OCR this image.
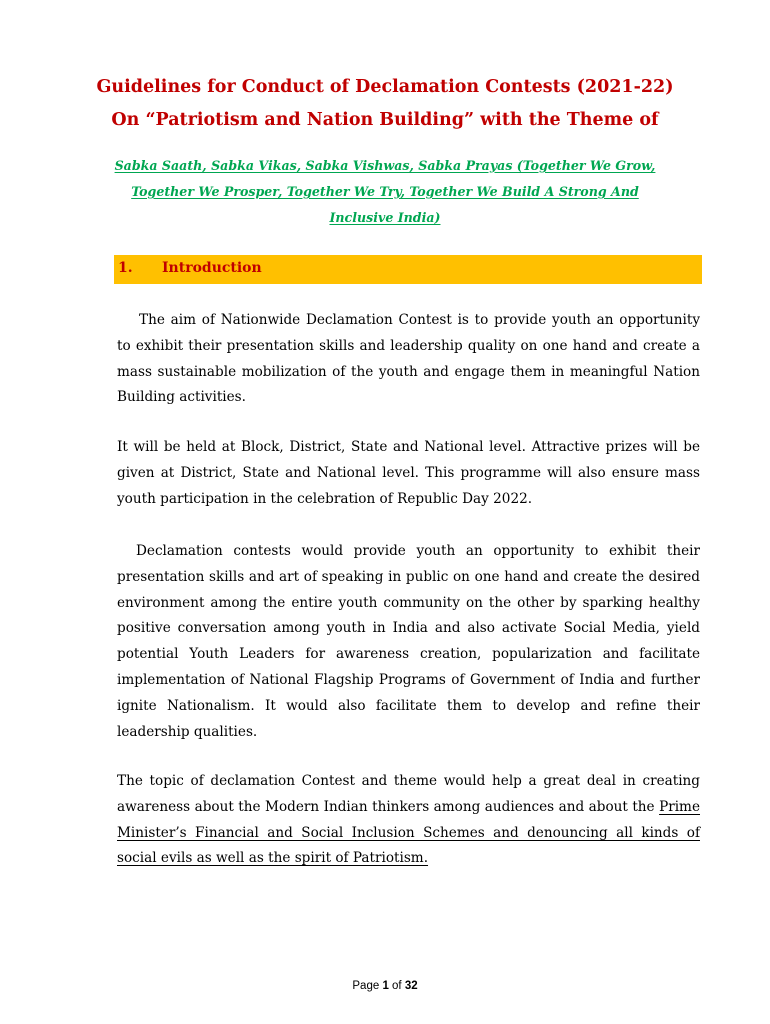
Guidelines for Conduct of Declamation Contests (2021-22)
On “Patriotism and Nation Building” with the Theme of
Sabka Saath, Sabka Vikas, Sabka Vishwas, Sabka Prayas (Together We Grow,
Together We Prosper, Together We Try, Together We Build A Strong And
Inclusive India)
1. Introduction

The aim of Nationwide Declamation Contest is to provide youth an opportunity to exhibit their presentation skills and leadership quality on one hand and create a mass sustainable mobilization of the youth and engage them in meaningful Nation Building activities.

It will be held at Block, District, State and National level. Attractive prizes will be given at District, State and National level. This programme will also ensure mass youth participation in the celebration of Republic Day 2022.

Declamation contests would provide youth an opportunity to exhibit their presentation skills and art of speaking in public on one hand and create the desired environment among the entire youth community on the other by sparking healthy positive conversation among youth in India and also activate Social Media, yield potential Youth Leaders for awareness creation, popularization and facilitate implementation of National Flagship Programs of Government of India and further ignite Nationalism. It would also facilitate them to develop and refine their leadership qualities.

The topic of declamation Contest and theme would help a great deal in creating awareness about the Modern Indian thinkers among audiences and about the Prime Minister’s Financial and Social Inclusion Schemes and denouncing all kinds of social evils as well as the spirit of Patriotism.

Page 1 of 32
